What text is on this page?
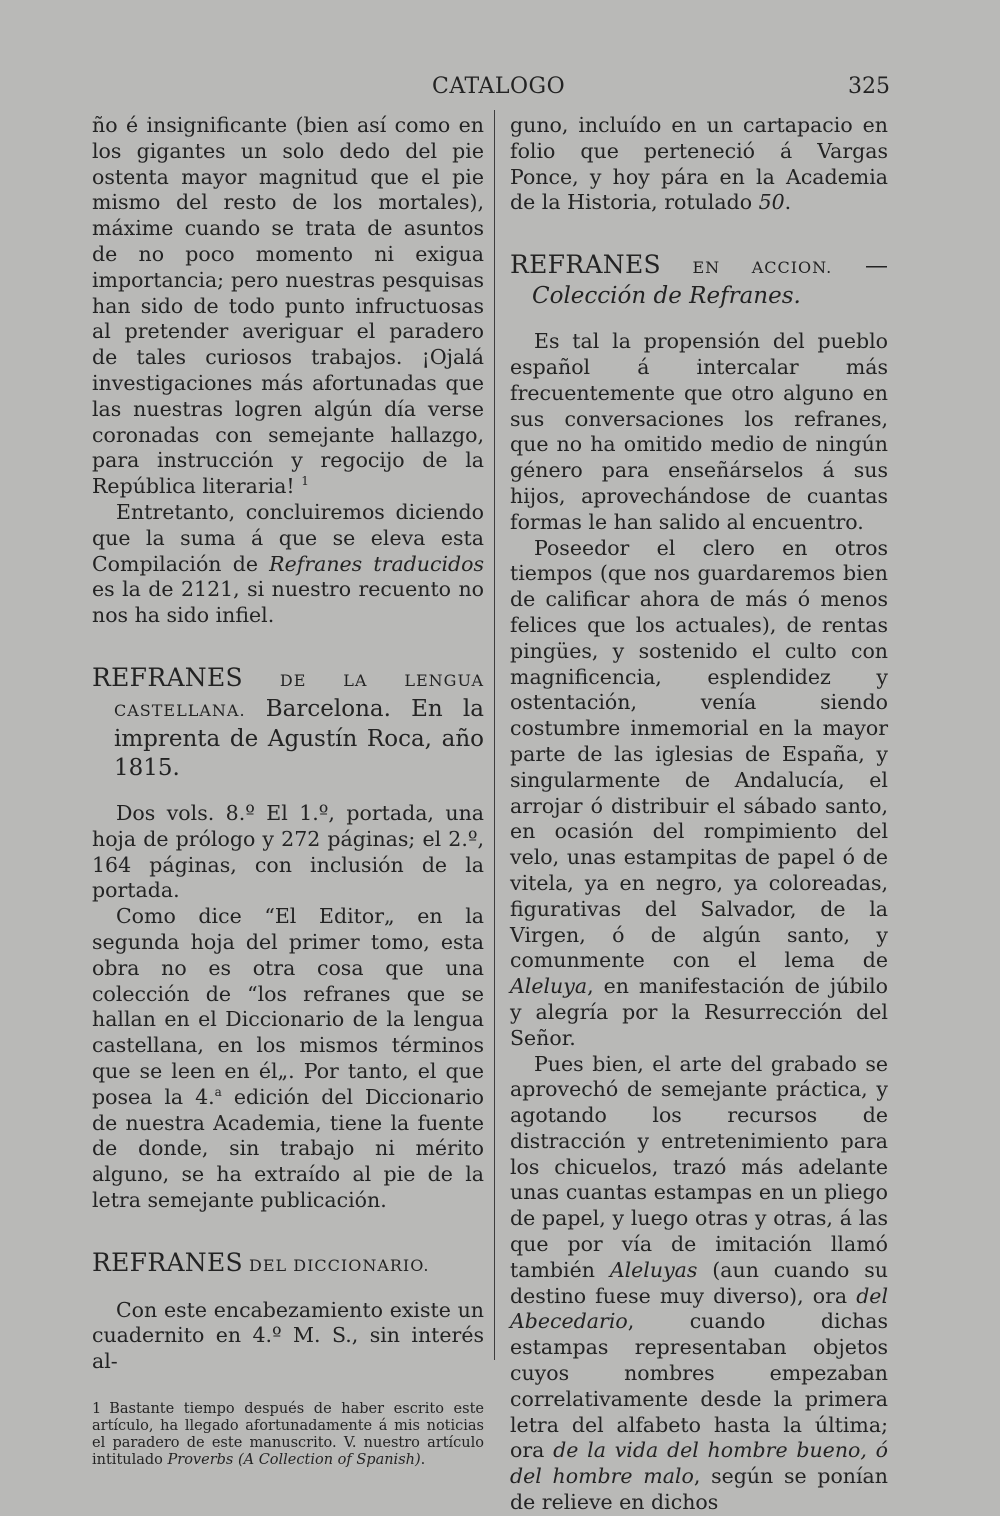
CATALOGO	325

ño é insignificante (bien así como en los gigantes un solo dedo del pie ostenta mayor magnitud que el pie mismo del resto de los mortales), máxime cuando se trata de asuntos de no poco momento ni exigua importancia; pero nuestras pesquisas han sido de todo punto infructuosas al pretender averiguar el paradero de tales curiosos trabajos. ¡Ojalá investigaciones más afortunadas que las nuestras logren algún día verse coronadas con semejante hallazgo, para instrucción y regocijo de la República literaria! $^1$

Entretanto, concluiremos diciendo que la suma á que se eleva esta Compilación de Refranes traducidos es la de 2121, si nuestro recuento no nos ha sido infiel.

REFRANES DE LA LENGUA CASTELLANA. Barcelona. En la imprenta de Agustín Roca, año 1815.

Dos vols. 8.º El 1.º, portada, una hoja de prólogo y 272 páginas; el 2.º, 164 páginas, con inclusión de la portada.

Como dice “El Editor„ en la segunda hoja del primer tomo, esta obra no es otra cosa que una colección de “los refranes que se hallan en el Diccionario de la lengua castellana, en los mismos términos que se leen en él„. Por tanto, el que posea la 4.$^a$ edición del Diccionario de nuestra Academia, tiene la fuente de donde, sin trabajo ni mérito alguno, se ha extraído al pie de la letra semejante publicación.

REFRANES DEL DICCIONARIO.

Con este encabezamiento existe un cuadernito en 4.º M. S., sin interés al-

1 Bastante tiempo después de haber escrito este artículo, ha llegado afortunadamente á mis noticias el paradero de este manuscrito. V. nuestro artículo intitulado Proverbs (A Collection of Spanish).

guno, incluído en un cartapacio en folio que perteneció á Vargas Ponce, y hoy pára en la Academia de la Historia, rotulado 50.

REFRANES EN ACCION. — Colección de Refranes.

Es tal la propensión del pueblo español á intercalar más frecuentemente que otro alguno en sus conversaciones los refranes, que no ha omitido medio de ningún género para enseñárselos á sus hijos, aprovechándose de cuantas formas le han salido al encuentro.

Poseedor el clero en otros tiempos (que nos guardaremos bien de calificar ahora de más ó menos felices que los actuales), de rentas pingües, y sostenido el culto con magnificencia, esplendidez y ostentación, venía siendo costumbre inmemorial en la mayor parte de las iglesias de España, y singularmente de Andalucía, el arrojar ó distribuir el sábado santo, en ocasión del rompimiento del velo, unas estampitas de papel ó de vitela, ya en negro, ya coloreadas, figurativas del Salvador, de la Virgen, ó de algún santo, y comunmente con el lema de Aleluya, en manifestación de júbilo y alegría por la Resurrección del Señor.

Pues bien, el arte del grabado se aprovechó de semejante práctica, y agotando los recursos de distracción y entretenimiento para los chicuelos, trazó más adelante unas cuantas estampas en un pliego de papel, y luego otras y otras, á las que por vía de imitación llamó también Aleluyas (aun cuando su destino fuese muy diverso), ora del Abecedario, cuando dichas estampas representaban objetos cuyos nombres empezaban correlativamente desde la primera letra del alfabeto hasta la última; ora de la vida del hombre bueno, ó del hombre malo, según se ponían de relieve en dichos
